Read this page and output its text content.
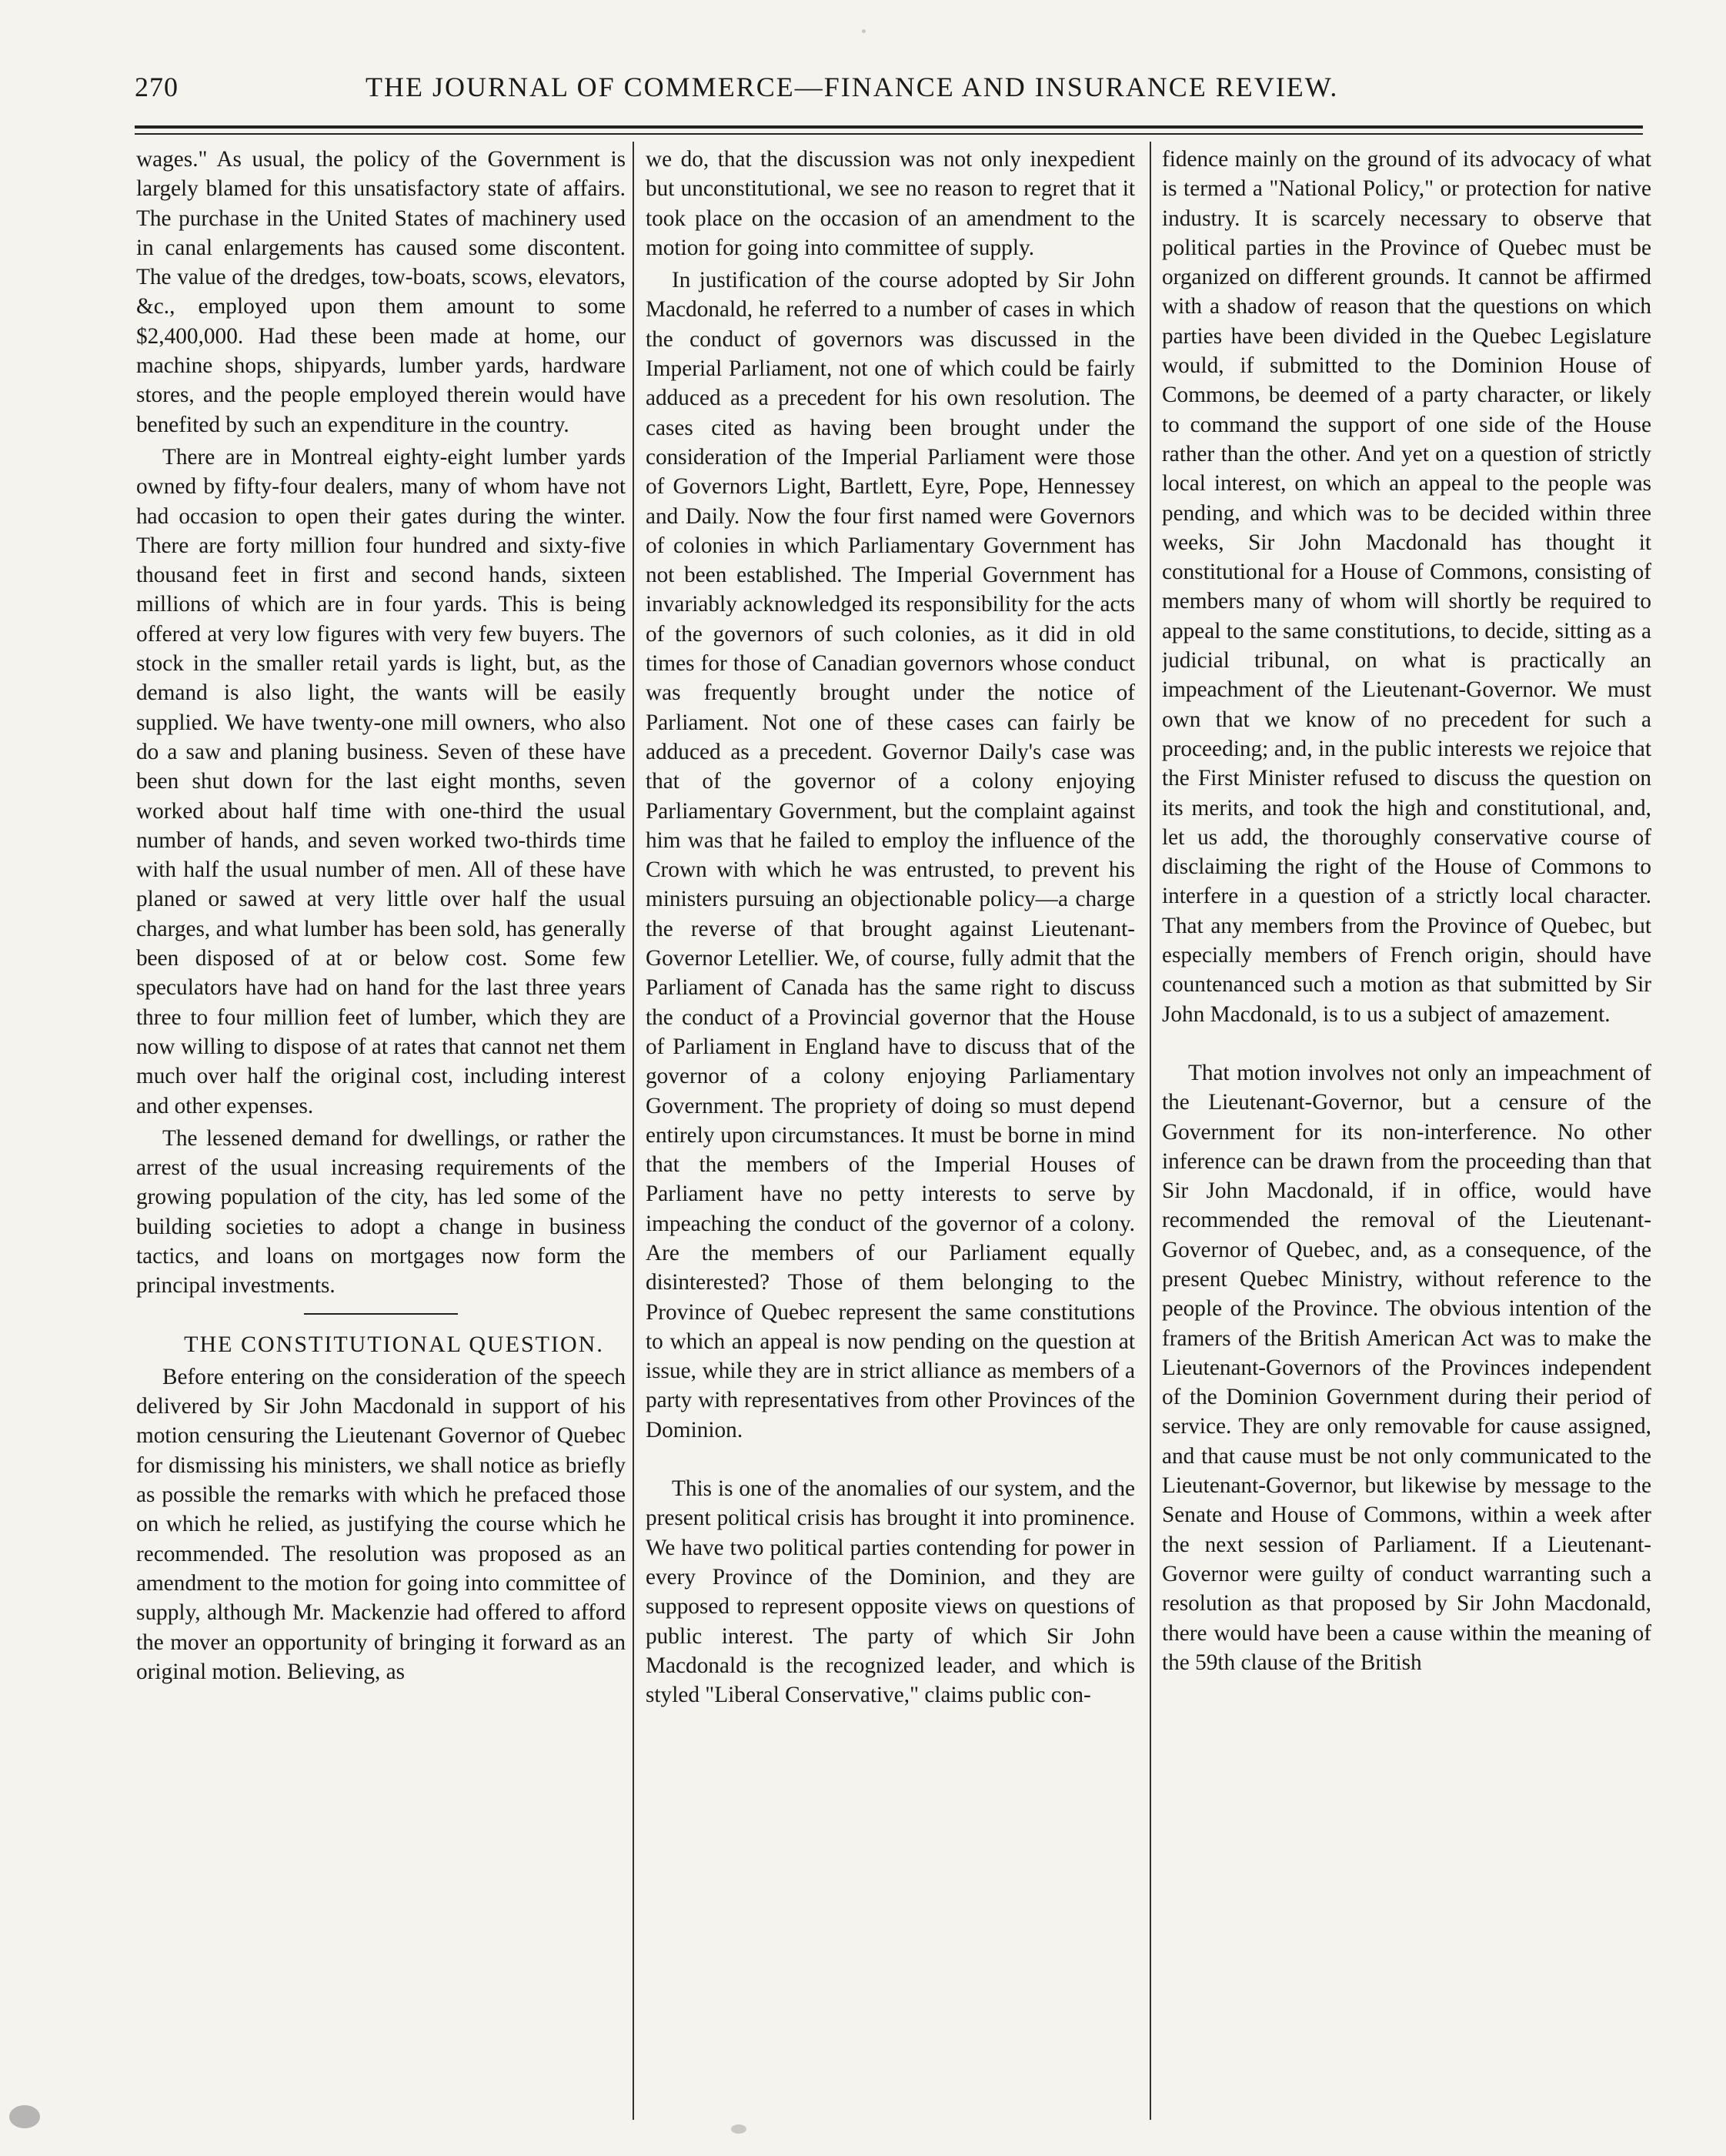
270	THE JOURNAL OF COMMERCE—FINANCE AND INSURANCE REVIEW.

wages." As usual, the policy of the Government is largely blamed for this unsatisfactory state of affairs. The purchase in the United States of machinery used in canal enlargements has caused some discontent. The value of the dredges, tow-boats, scows, elevators, &c., employed upon them amount to some $2,400,000. Had these been made at home, our machine shops, shipyards, lumber yards, hardware stores, and the people employed therein would have benefited by such an expenditure in the country.

There are in Montreal eighty-eight lumber yards owned by fifty-four dealers, many of whom have not had occasion to open their gates during the winter. There are forty million four hundred and sixty-five thousand feet in first and second hands, sixteen millions of which are in four yards. This is being offered at very low figures with very few buyers. The stock in the smaller retail yards is light, but, as the demand is also light, the wants will be easily supplied. We have twenty-one mill owners, who also do a saw and planing business. Seven of these have been shut down for the last eight months, seven worked about half time with one-third the usual number of hands, and seven worked two-thirds time with half the usual number of men. All of these have planed or sawed at very little over half the usual charges, and what lumber has been sold, has generally been disposed of at or below cost. Some few speculators have had on hand for the last three years three to four million feet of lumber, which they are now willing to dispose of at rates that cannot net them much over half the original cost, including interest and other expenses.

The lessened demand for dwellings, or rather the arrest of the usual increasing requirements of the growing population of the city, has led some of the building societies to adopt a change in business tactics, and loans on mortgages now form the principal investments.

THE CONSTITUTIONAL QUESTION.

Before entering on the consideration of the speech delivered by Sir John Macdonald in support of his motion censuring the Lieutenant Governor of Quebec for dismissing his ministers, we shall notice as briefly as possible the remarks with which he prefaced those on which he relied, as justifying the course which he recommended. The resolution was proposed as an amendment to the motion for going into committee of supply, although Mr. Mackenzie had offered to afford the mover an opportunity of bringing it forward as an original motion. Believing, as

we do, that the discussion was not only inexpedient but unconstitutional, we see no reason to regret that it took place on the occasion of an amendment to the motion for going into committee of supply.

In justification of the course adopted by Sir John Macdonald, he referred to a number of cases in which the conduct of governors was discussed in the Imperial Parliament, not one of which could be fairly adduced as a precedent for his own resolution. The cases cited as having been brought under the consideration of the Imperial Parliament were those of Governors Light, Bartlett, Eyre, Pope, Hennessey and Daily. Now the four first named were Governors of colonies in which Parliamentary Government has not been established. The Imperial Government has invariably acknowledged its responsibility for the acts of the governors of such colonies, as it did in old times for those of Canadian governors whose conduct was frequently brought under the notice of Parliament. Not one of these cases can fairly be adduced as a precedent. Governor Daily's case was that of the governor of a colony enjoying Parliamentary Government, but the complaint against him was that he failed to employ the influence of the Crown with which he was entrusted, to prevent his ministers pursuing an objectionable policy—a charge the reverse of that brought against Lieutenant-Governor Letellier. We, of course, fully admit that the Parliament of Canada has the same right to discuss the conduct of a Provincial governor that the House of Parliament in England have to discuss that of the governor of a colony enjoying Parliamentary Government. The propriety of doing so must depend entirely upon circumstances. It must be borne in mind that the members of the Imperial Houses of Parliament have no petty interests to serve by impeaching the conduct of the governor of a colony. Are the members of our Parliament equally disinterested? Those of them belonging to the Province of Quebec represent the same constitutions to which an appeal is now pending on the question at issue, while they are in strict alliance as members of a party with representatives from other Provinces of the Dominion.

This is one of the anomalies of our system, and the present political crisis has brought it into prominence. We have two political parties contending for power in every Province of the Dominion, and they are supposed to represent opposite views on questions of public interest. The party of which Sir John Macdonald is the recognized leader, and which is styled "Liberal Conservative," claims public con-

fidence mainly on the ground of its advocacy of what is termed a "National Policy," or protection for native industry. It is scarcely necessary to observe that political parties in the Province of Quebec must be organized on different grounds. It cannot be affirmed with a shadow of reason that the questions on which parties have been divided in the Quebec Legislature would, if submitted to the Dominion House of Commons, be deemed of a party character, or likely to command the support of one side of the House rather than the other. And yet on a question of strictly local interest, on which an appeal to the people was pending, and which was to be decided within three weeks, Sir John Macdonald has thought it constitutional for a House of Commons, consisting of members many of whom will shortly be required to appeal to the same constitutions, to decide, sitting as a judicial tribunal, on what is practically an impeachment of the Lieutenant-Governor. We must own that we know of no precedent for such a proceeding; and, in the public interests we rejoice that the First Minister refused to discuss the question on its merits, and took the high and constitutional, and, let us add, the thoroughly conservative course of disclaiming the right of the House of Commons to interfere in a question of a strictly local character. That any members from the Province of Quebec, but especially members of French origin, should have countenanced such a motion as that submitted by Sir John Macdonald, is to us a subject of amazement.

That motion involves not only an impeachment of the Lieutenant-Governor, but a censure of the Government for its non-interference. No other inference can be drawn from the proceeding than that Sir John Macdonald, if in office, would have recommended the removal of the Lieutenant-Governor of Quebec, and, as a consequence, of the present Quebec Ministry, without reference to the people of the Province. The obvious intention of the framers of the British American Act was to make the Lieutenant-Governors of the Provinces independent of the Dominion Government during their period of service. They are only removable for cause assigned, and that cause must be not only communicated to the Lieutenant-Governor, but likewise by message to the Senate and House of Commons, within a week after the next session of Parliament. If a Lieutenant-Governor were guilty of conduct warranting such a resolution as that proposed by Sir John Macdonald, there would have been a cause within the meaning of the 59th clause of the British
